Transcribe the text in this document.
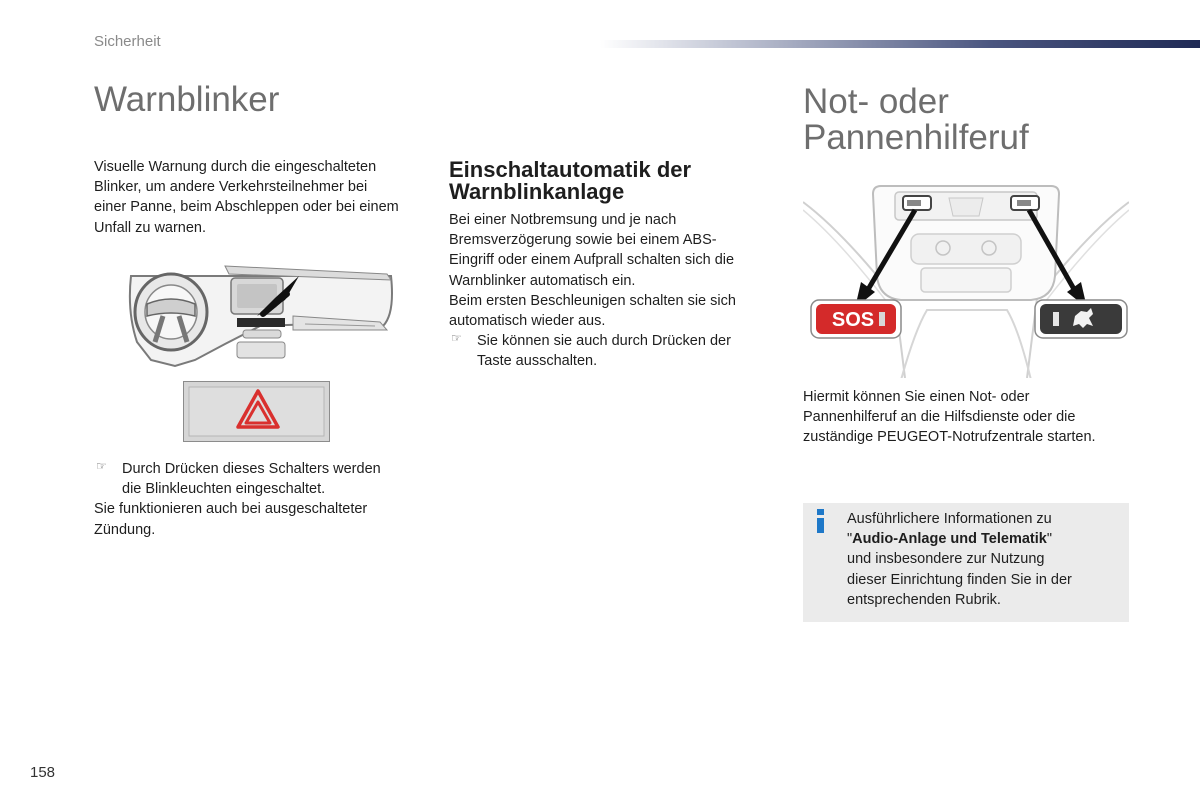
Sicherheit
Warnblinker

Visuelle Warnung durch die eingeschalteten

Blinker, um andere Verkehrsteilnehmer bei

einer Panne, beim Abschleppen oder bei einem

Unfall zu warnen.

☞ Durch Drücken dieses Schalters werden

die Blinkleuchten eingeschaltet.

Sie funktionieren auch bei ausgeschalteter

Zündung.

Einschaltautomatik der

Warnblinkanlage

Bei einer Notbremsung und je nach

Bremsverzögerung sowie bei einem ABS-

Eingriff oder einem Aufprall schalten sich die

Warnblinker automatisch ein.

Beim ersten Beschleunigen schalten sie sich

automatisch wieder aus.

☞ Sie können sie auch durch Drücken der

Taste ausschalten.

Not- oder

Pannenhilferuf

SOS

Hiermit können Sie einen Not- oder

Pannenhilferuf an die Hilfsdienste oder die

zuständige PEUGEOT-Notrufzentrale starten.

Ausführlichere Informationen zu

"Audio-Anlage und Telematik"

und insbesondere zur Nutzung

dieser Einrichtung finden Sie in der

entsprechenden Rubrik.

158
